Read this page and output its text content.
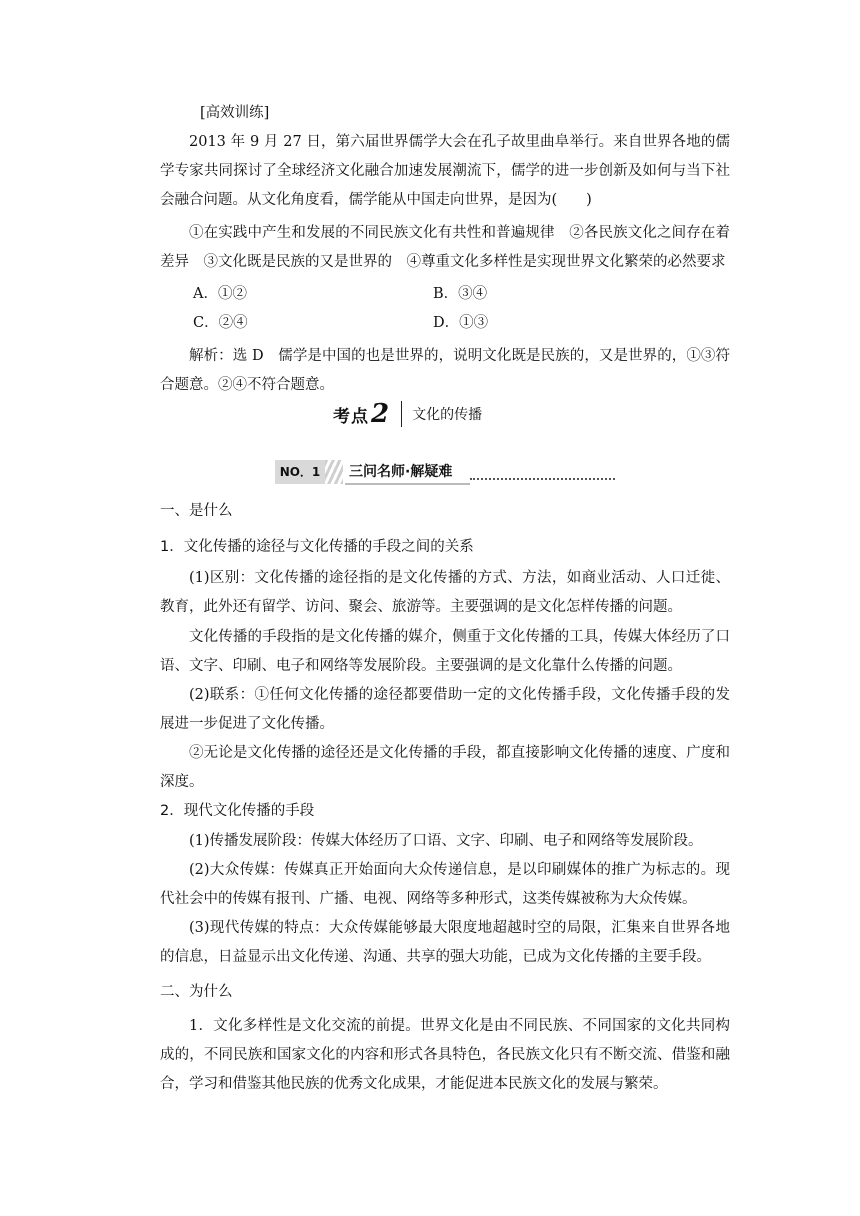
[高效训练]
2013 年 9 月 27 日，第六届世界儒学大会在孔子故里曲阜举行。来自世界各地的儒学专家共同探讨了全球经济文化融合加速发展潮流下，儒学的进一步创新及如何与当下社会融合问题。从文化角度看，儒学能从中国走向世界，是因为(　　)
①在实践中产生和发展的不同民族文化有共性和普遍规律　②各民族文化之间存在着差异　③文化既是民族的又是世界的　④尊重文化多样性是实现世界文化繁荣的必然要求
A．①②	B．③④
C．②④	D．①③
解析：选 D　儒学是中国的也是世界的，说明文化既是民族的，又是世界的，①③符合题意。②④不符合题意。
考点 2 文化的传播
NO．1	三问名师·解疑难
一、是什么
1．文化传播的途径与文化传播的手段之间的关系
(1)区别：文化传播的途径指的是文化传播的方式、方法，如商业活动、人口迁徙、教育，此外还有留学、访问、聚会、旅游等。主要强调的是文化怎样传播的问题。
文化传播的手段指的是文化传播的媒介，侧重于文化传播的工具，传媒大体经历了口语、文字、印刷、电子和网络等发展阶段。主要强调的是文化靠什么传播的问题。
(2)联系：①任何文化传播的途径都要借助一定的文化传播手段，文化传播手段的发展进一步促进了文化传播。
②无论是文化传播的途径还是文化传播的手段，都直接影响文化传播的速度、广度和深度。
2．现代文化传播的手段
(1)传播发展阶段：传媒大体经历了口语、文字、印刷、电子和网络等发展阶段。
(2)大众传媒：传媒真正开始面向大众传递信息，是以印刷媒体的推广为标志的。现代社会中的传媒有报刊、广播、电视、网络等多种形式，这类传媒被称为大众传媒。
(3)现代传媒的特点：大众传媒能够最大限度地超越时空的局限，汇集来自世界各地的信息，日益显示出文化传递、沟通、共享的强大功能，已成为文化传播的主要手段。
二、为什么
1．文化多样性是文化交流的前提。世界文化是由不同民族、不同国家的文化共同构成的，不同民族和国家文化的内容和形式各具特色，各民族文化只有不断交流、借鉴和融合，学习和借鉴其他民族的优秀文化成果，才能促进本民族文化的发展与繁荣。
